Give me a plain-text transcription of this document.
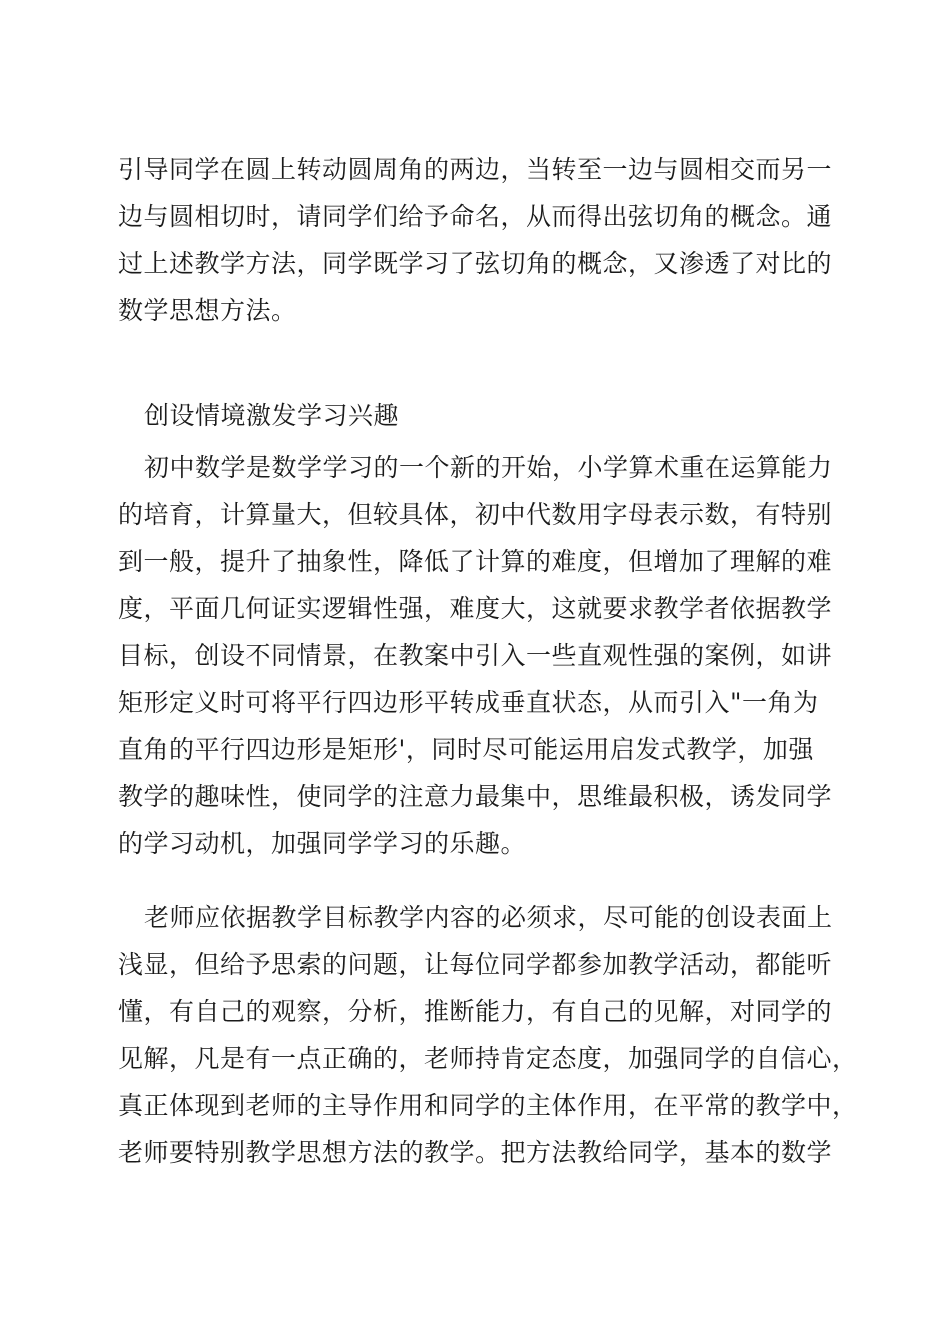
引导同学在圆上转动圆周角的两边，当转至一边与圆相交而另一
边与圆相切时，请同学们给予命名，从而得出弦切角的概念。通
过上述教学方法，同学既学习了弦切角的概念，又渗透了对比的
数学思想方法。
创设情境激发学习兴趣
初中数学是数学学习的一个新的开始，小学算术重在运算能力
的培育，计算量大，但较具体，初中代数用字母表示数，有特别
到一般，提升了抽象性，降低了计算的难度，但增加了理解的难
度，平面几何证实逻辑性强，难度大，这就要求教学者依据教学
目标，创设不同情景，在教案中引入一些直观性强的案例，如讲
矩形定义时可将平行四边形平转成垂直状态，从而引入"一角为
直角的平行四边形是矩形'，同时尽可能运用启发式教学，加强
教学的趣味性，使同学的注意力最集中，思维最积极，诱发同学
的学习动机，加强同学学习的乐趣。
老师应依据教学目标教学内容的必须求，尽可能的创设表面上
浅显，但给予思索的问题，让每位同学都参加教学活动，都能听
懂，有自己的观察，分析，推断能力，有自己的见解，对同学的
见解，凡是有一点正确的，老师持肯定态度，加强同学的自信心，
真正体现到老师的主导作用和同学的主体作用，在平常的教学中，
老师要特别教学思想方法的教学。把方法教给同学，基本的数学
